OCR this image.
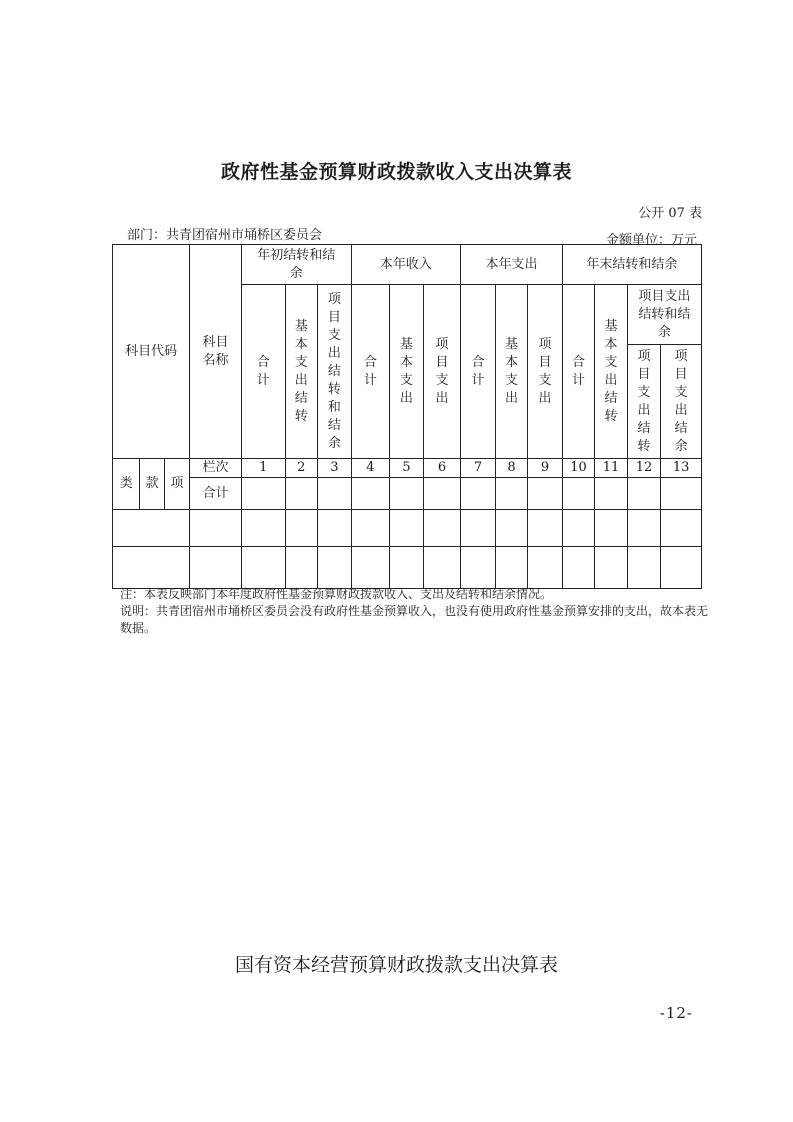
政府性基金预算财政拨款收入支出决算表
公开 07 表
部门：共青团宿州市埇桥区委员会	金额单位：万元
科目代码			科目名称	年初结转和结余			本年收入			本年支出			年末结转和结余			
				合计	基本支出结转	项目支出结转和结余	合计	基本支出	项目支出	合计	基本支出	项目支出	合计	基本支出结转	项目支出结转和结余	
															项目支出结转	项目支出结余
类	款	项	栏次	1	2	3	4	5	6	7	8	9	10	11	12	13
			合计													

注：本表反映部门本年度政府性基金预算财政拨款收入、支出及结转和结余情况。
说明：共青团宿州市埇桥区委员会没有政府性基金预算收入，也没有使用政府性基金预算安排的支出，故本表无数据。
国有资本经营预算财政拨款支出决算表
-12-
